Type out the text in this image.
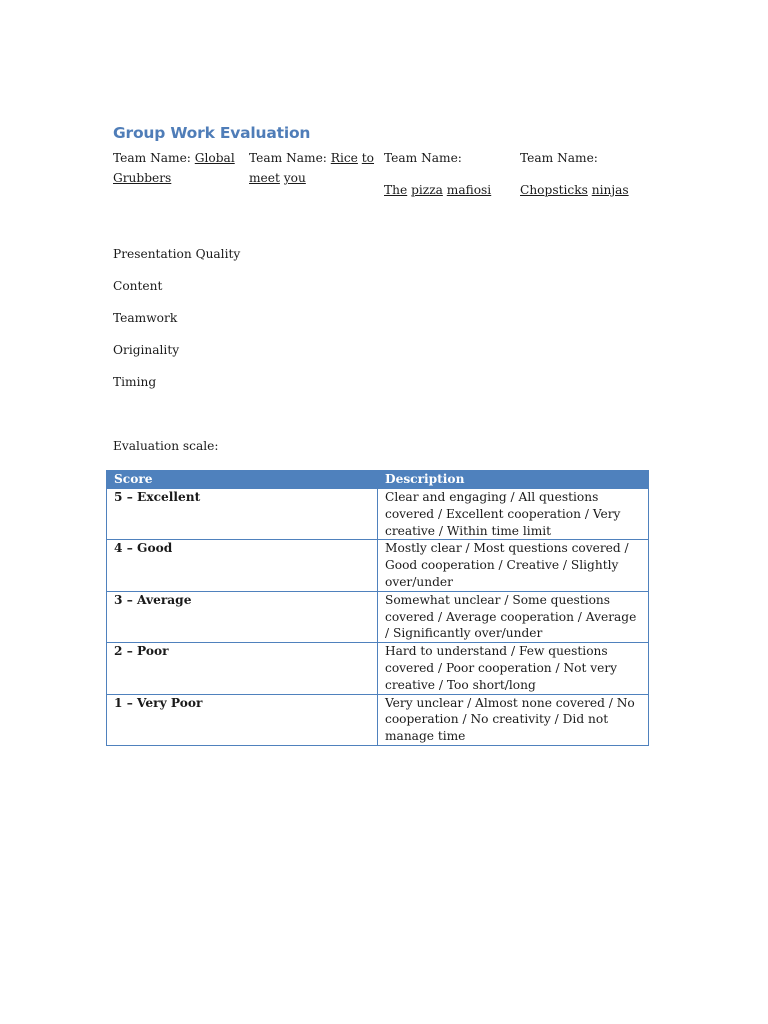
Group Work Evaluation
Team Name: Global
Grubbers
Team Name: Rice to
meet you
Team Name:
The pizza mafiosi
Team Name:
Chopsticks ninjas
Presentation Quality
Content
Teamwork
Originality
Timing
Evaluation scale:
Score	Description
5 – Excellent	Clear and engaging / All questions covered / Excellent cooperation / Very creative / Within time limit
4 – Good	Mostly clear / Most questions covered / Good cooperation / Creative / Slightly over/under
3 – Average	Somewhat unclear / Some questions covered / Average cooperation / Average / Significantly over/under
2 – Poor	Hard to understand / Few questions covered / Poor cooperation / Not very creative / Too short/long
1 – Very Poor	Very unclear / Almost none covered / No cooperation / No creativity / Did not manage time
